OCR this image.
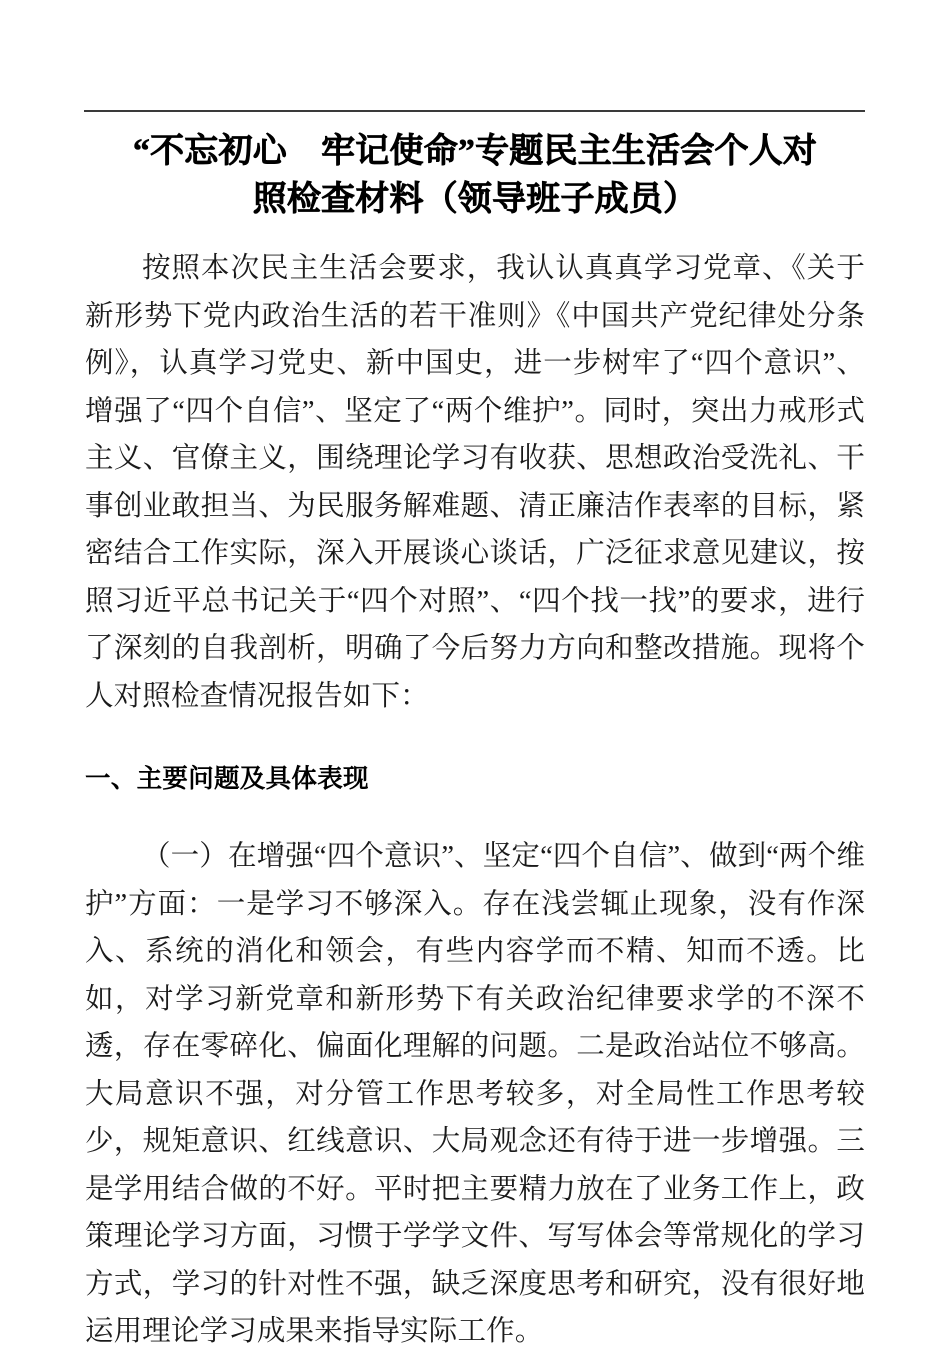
“不忘初心　牢记使命”专题民主生活会个人对
照检查材料（领导班子成员）

按照本次民主生活会要求，我认认真真学习党章、《关于新形势下党内政治生活的若干准则》《中国共产党纪律处分条例》，认真学习党史、新中国史，进一步树牢了“四个意识”、增强了“四个自信”、坚定了“两个维护”。同时，突出力戒形式主义、官僚主义，围绕理论学习有收获、思想政治受洗礼、干事创业敢担当、为民服务解难题、清正廉洁作表率的目标，紧密结合工作实际，深入开展谈心谈话，广泛征求意见建议，按照习近平总书记关于“四个对照”、“四个找一找”的要求，进行了深刻的自我剖析，明确了今后努力方向和整改措施。现将个人对照检查情况报告如下：

一、主要问题及具体表现

（一）在增强“四个意识”、坚定“四个自信”、做到“两个维护”方面：一是学习不够深入。存在浅尝辄止现象，没有作深入、系统的消化和领会，有些内容学而不精、知而不透。比如，对学习新党章和新形势下有关政治纪律要求学的不深不透，存在零碎化、偏面化理解的问题。二是政治站位不够高。大局意识不强，对分管工作思考较多，对全局性工作思考较少，规矩意识、红线意识、大局观念还有待于进一步增强。三是学用结合做的不好。平时把主要精力放在了业务工作上，政策理论学习方面，习惯于学学文件、写写体会等常规化的学习方式，学习的针对性不强，缺乏深度思考和研究，没有很好地运用理论学习成果来指导实际工作。
